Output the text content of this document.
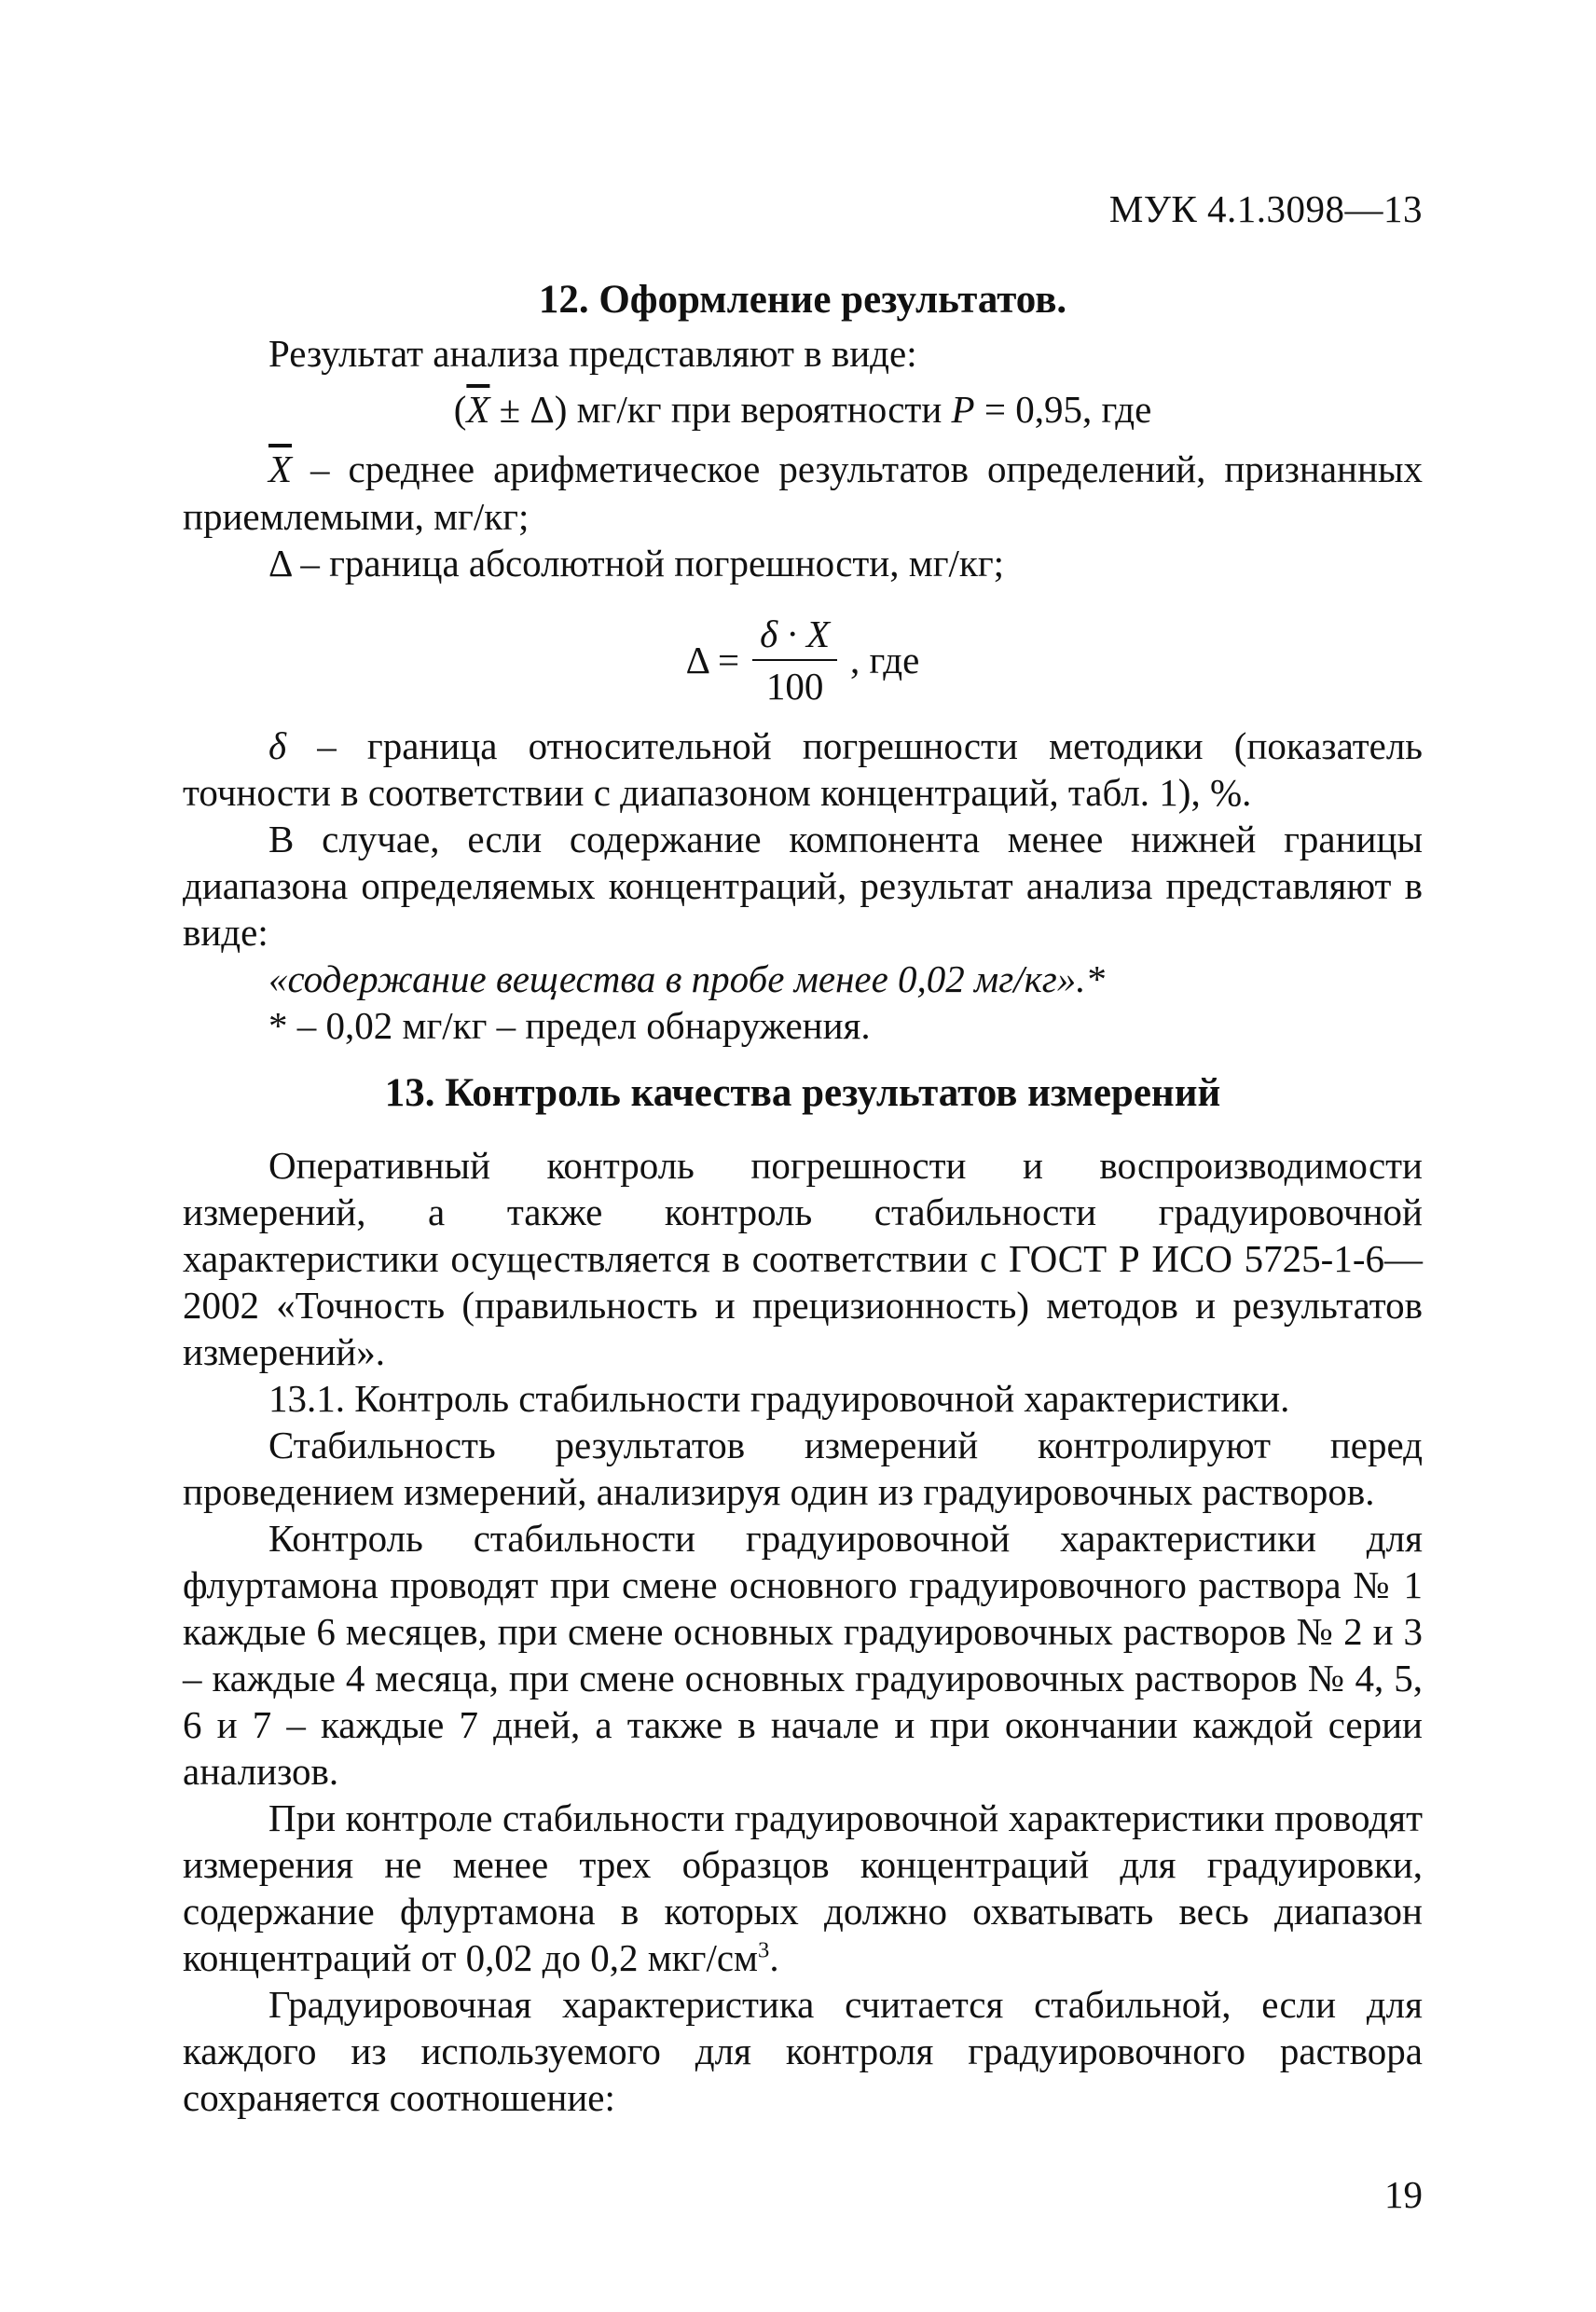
МУК 4.1.3098—13
12. Оформление результатов.

Результат анализа представляют в виде:

$(\overline{X} \pm \Delta)$ мг/кг при вероятности P = 0,95, где

$\overline{X}$ – среднее арифметическое результатов определений, признанных приемлемыми, мг/кг;

Δ – граница абсолютной погрешности, мг/кг;

$\Delta = \frac{\delta \cdot X}{100}$ , где

δ – граница относительной погрешности методики (показатель точности в соответствии с диапазоном концентраций, табл. 1), %.

В случае, если содержание компонента менее нижней границы диапазона определяемых концентраций, результат анализа представляют в виде:

«содержание вещества в пробе менее 0,02 мг/кг».*

* – 0,02 мг/кг – предел обнаружения.

13. Контроль качества результатов измерений

Оперативный контроль погрешности и воспроизводимости измерений, а также контроль стабильности градуировочной характеристики осуществляется в соответствии с ГОСТ Р ИСО 5725-1-6—2002 «Точность (правильность и прецизионность) методов и результатов измерений».

13.1. Контроль стабильности градуировочной характеристики.

Стабильность результатов измерений контролируют перед проведением измерений, анализируя один из градуировочных растворов.

Контроль стабильности градуировочной характеристики для флуртамона проводят при смене основного градуировочного раствора № 1 каждые 6 месяцев, при смене основных градуировочных растворов № 2 и 3 – каждые 4 месяца, при смене основных градуировочных растворов № 4, 5, 6 и 7 – каждые 7 дней, а также в начале и при окончании каждой серии анализов.

При контроле стабильности градуировочной характеристики проводят измерения не менее трех образцов концентраций для градуировки, содержание флуртамона в которых должно охватывать весь диапазон концентраций от 0,02 до 0,2 мкг/$см^3$.

Градуировочная характеристика считается стабильной, если для каждого из используемого для контроля градуировочного раствора сохраняется соотношение:

19
